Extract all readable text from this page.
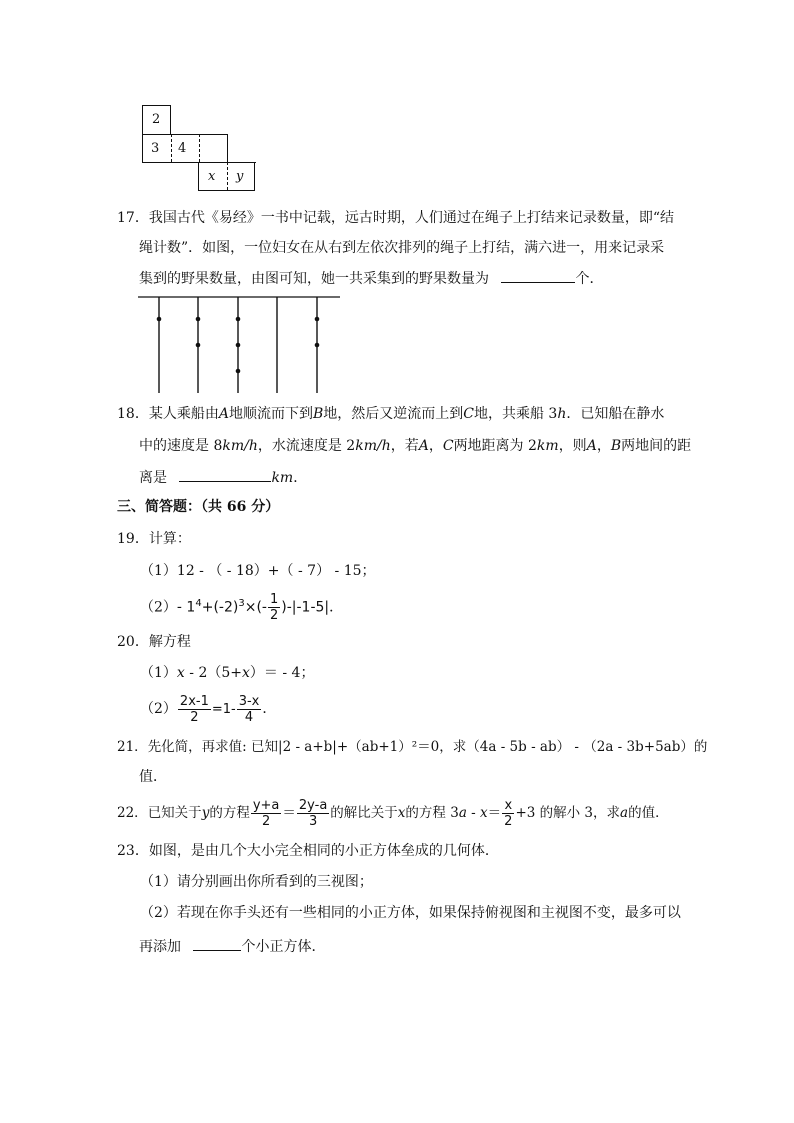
2
3 4
x y
17．我国古代《易经》一书中记载，远古时期，人们通过在绳子上打结来记录数量，即“结
绳计数”．如图，一位妇女在从右到左依次排列的绳子上打结，满六进一，用来记录采
集到的野果数量，由图可知，她一共采集到的野果数量为	个．
18．某人乘船由A地顺流而下到B地，然后又逆流而上到C地，共乘船 3h．已知船在静水
中的速度是 8km/h，水流速度是 2km/h，若A，C两地距离为 2km，则A，B两地间的距
离是	km．
三、简答题：（共 66 分）
19．计算：
（1）12 - （ - 18）+（ - 7） - 15；
（2）- $1^4+(-2)^3\times(- \frac{1}{2} )-|-1-5|$．
20．解方程
（1）x - 2（5+x）＝ - 4；
$(2) \frac{2x-1}{2} =1- \frac{3-x}{4}$ ．
21．先化简，再求值: 已知|2 - a+b|+（ab+1）²＝0，求（4a - 5b - ab） - （2a - 3b+5ab）的
值．
22．已知关于y的方程 $\frac{y+a}{2} = \frac{2y-a}{3}$ 的解比关于x的方程 $3a - x= \frac{x}{2} +3$ 的解小 3，求a的值．
23．如图，是由几个大小完全相同的小正方体垒成的几何体．
（1）请分别画出你所看到的三视图；
（2）若现在你手头还有一些相同的小正方体，如果保持俯视图和主视图不变，最多可以
再添加	个小正方体．
